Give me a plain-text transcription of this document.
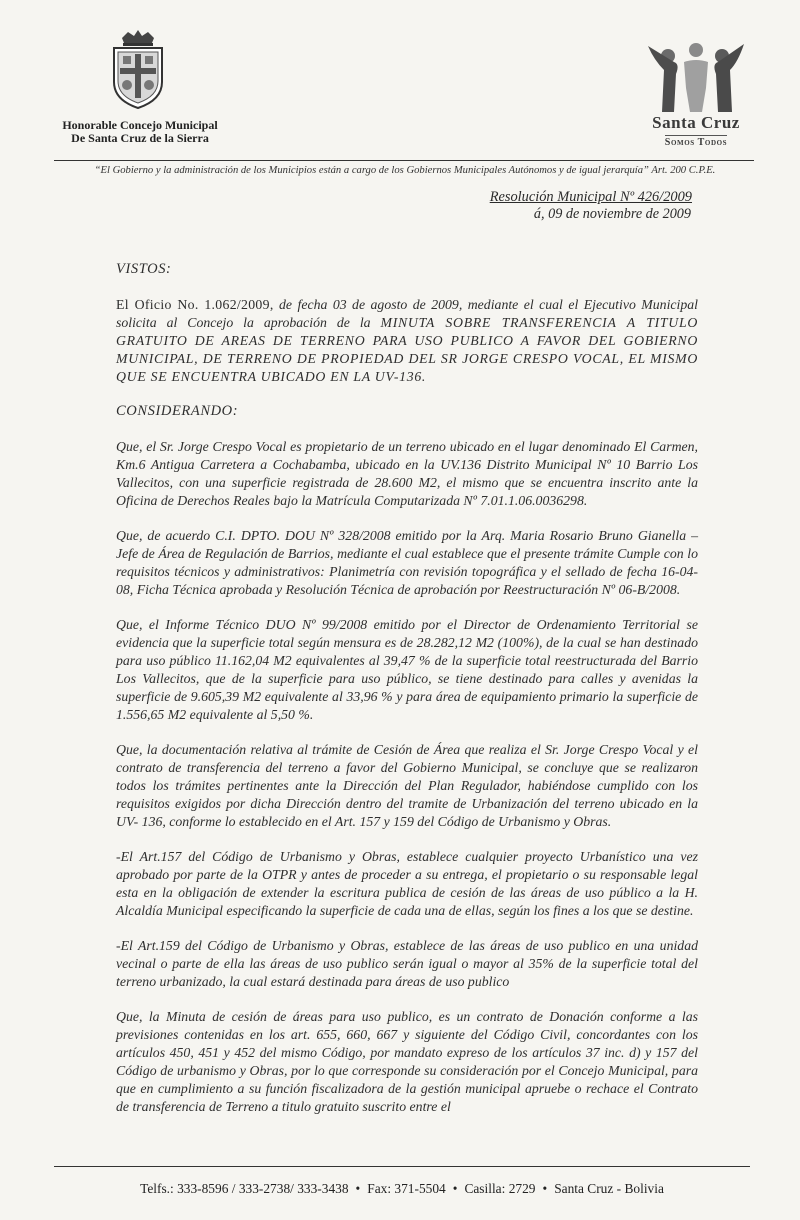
Honorable Concejo Municipal
De Santa Cruz de la Sierra
Santa Cruz
Somos Todos
“El Gobierno y la administración de los Municipios están a cargo de los Gobiernos Municipales Autónomos y de igual jerarquía” Art. 200 C.P.E.
Resolución Municipal Nº 426/2009
á, 09 de noviembre de 2009

VISTOS:

El Oficio No. 1.062/2009, de fecha 03 de agosto de 2009, mediante el cual el Ejecutivo Municipal solicita al Concejo la aprobación de la MINUTA SOBRE TRANSFERENCIA A TITULO GRATUITO DE AREAS DE TERRENO PARA USO PUBLICO A FAVOR DEL GOBIERNO MUNICIPAL, DE TERRENO DE PROPIEDAD DEL SR JORGE CRESPO VOCAL, EL MISMO QUE SE ENCUENTRA UBICADO EN LA UV-136.

CONSIDERANDO:

Que, el Sr. Jorge Crespo Vocal es propietario de un terreno ubicado en el lugar denominado El Carmen, Km.6 Antigua Carretera a Cochabamba, ubicado en la UV.136 Distrito Municipal Nº 10 Barrio Los Vallecitos, con una superficie registrada de 28.600 M2, el mismo que se encuentra inscrito ante la Oficina de Derechos Reales bajo la Matrícula Computarizada Nº 7.01.1.06.0036298.

Que, de acuerdo C.I. DPTO. DOU Nº 328/2008 emitido por la Arq. Maria Rosario Bruno Gianella – Jefe de Área de Regulación de Barrios, mediante el cual establece que el presente trámite Cumple con lo requisitos técnicos y administrativos: Planimetría con revisión topográfica y el sellado de fecha 16-04-08, Ficha Técnica aprobada y Resolución Técnica de aprobación por Reestructuración Nº 06-B/2008.

Que, el Informe Técnico DUO Nº 99/2008 emitido por el Director de Ordenamiento Territorial se evidencia que la superficie total según mensura es de 28.282,12 M2 (100%), de la cual se han destinado para uso público 11.162,04 M2 equivalentes al 39,47 % de la superficie total reestructurada del Barrio Los Vallecitos, que de la superficie para uso público, se tiene destinado para calles y avenidas la superficie de 9.605,39 M2 equivalente al 33,96 % y para área de equipamiento primario la superficie de 1.556,65 M2 equivalente al 5,50 %.

Que, la documentación relativa al trámite de Cesión de Área que realiza el Sr. Jorge Crespo Vocal y el contrato de transferencia del terreno a favor del Gobierno Municipal, se concluye que se realizaron todos los trámites pertinentes ante la Dirección del Plan Regulador, habiéndose cumplido con los requisitos exigidos por dicha Dirección dentro del tramite de Urbanización del terreno ubicado en la UV- 136, conforme lo establecido en el Art. 157 y 159 del Código de Urbanismo y Obras.

-El Art.157 del Código de Urbanismo y Obras, establece cualquier proyecto Urbanístico una vez aprobado por parte de la OTPR y antes de proceder a su entrega, el propietario o su responsable legal esta en la obligación de extender la escritura publica de cesión de las áreas de uso público a la H. Alcaldía Municipal especificando la superficie de cada una de ellas, según los fines a los que se destine.

-El Art.159 del Código de Urbanismo y Obras, establece de las áreas de uso publico en una unidad vecinal o parte de ella las áreas de uso publico serán igual o mayor al 35% de la superficie total del terreno urbanizado, la cual estará destinada para áreas de uso publico

Que, la Minuta de cesión de áreas para uso publico, es un contrato de Donación conforme a las previsiones contenidas en los art. 655, 660, 667 y siguiente del Código Civil, concordantes con los artículos 450, 451 y 452 del mismo Código, por mandato expreso de los artículos 37 inc. d) y 157 del Código de urbanismo y Obras, por lo que corresponde su consideración por el Concejo Municipal, para que en cumplimiento a su función fiscalizadora de la gestión municipal apruebe o rechace el Contrato de transferencia de Terreno a titulo gratuito suscrito entre el

Telfs.: 333-8596 / 333-2738/ 333-3438 • Fax: 371-5504 • Casilla: 2729 • Santa Cruz - Bolivia
